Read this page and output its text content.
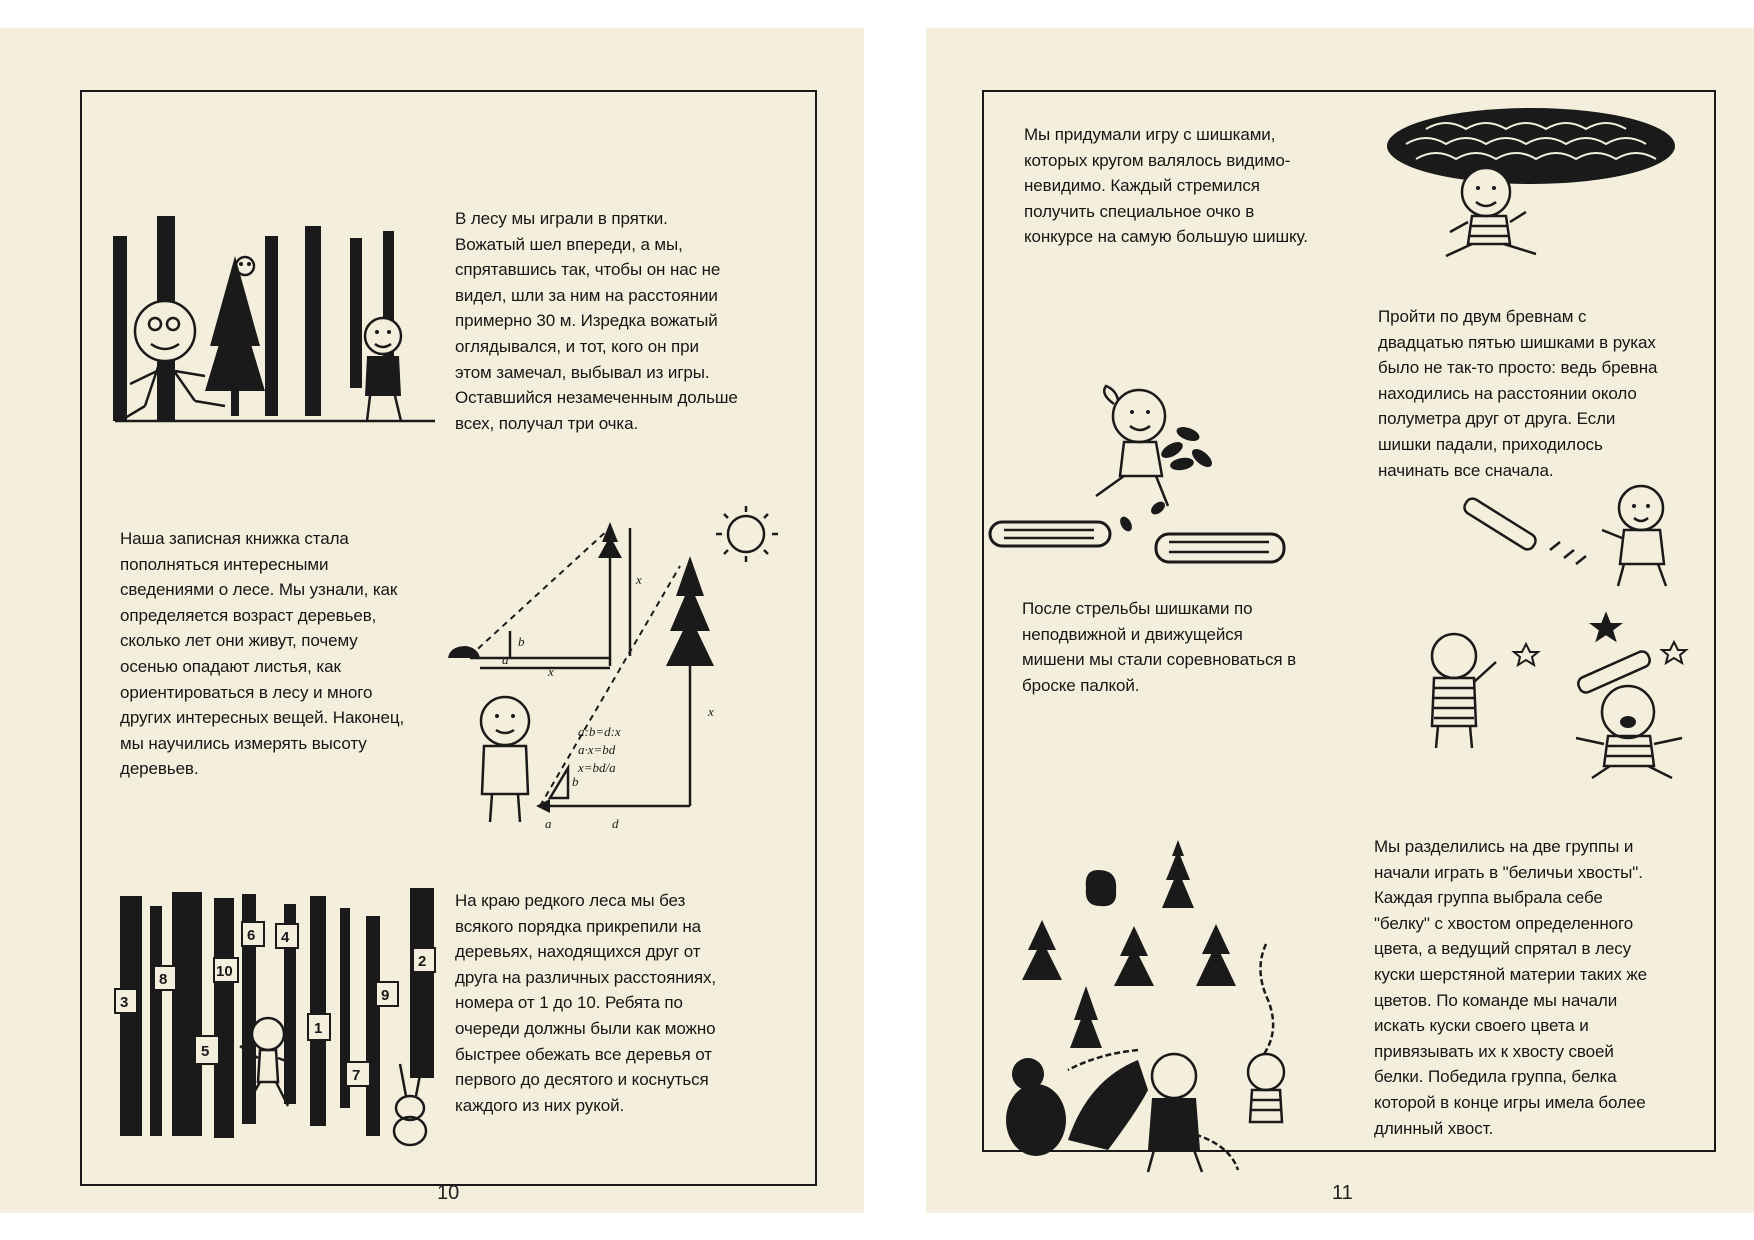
В лесу мы играли в прятки.
Вожатый шел впереди, а мы,
спрятавшись так, чтобы он нас не
видел, шли за ним на расстоянии
примерно 30 м. Изредка вожатый
оглядывался, и тот, кого он при
этом замечал, выбывал из игры.
Оставшийся незамеченным дольше
всех, получал три очка.

Наша записная книжка стала
пополняться интересными
сведениями о лесе. Мы узнали, как
определяется возраст деревьев,
сколько лет они живут, почему
осенью опадают листья, как
ориентироваться в лесу и много
других интересных вещей. Наконец,
мы научились измерять высоту
деревьев.

x
a
x
b
x
d
a:b=d:x
a·x=bd
x=bd/a
b
a
3
8	10
6 4
5
1
7
9
2
?

На краю редкого леса мы без
всякого порядка прикрепили на
деревьях, находящихся друг от
друга на различных расстояниях,
номера от 1 до 10. Ребята по
очереди должны были как можно
быстрее обежать все деревья от
первого до десятого и коснуться
каждого из них рукой.

10

Мы придумали игру с шишками,
которых кругом валялось видимо-
невидимо. Каждый стремился
получить специальное очко в
конкурсе на самую большую шишку.

Пройти по двум бревнам с
двадцатью пятью шишками в руках
было не так-то просто: ведь бревна
находились на расстоянии около
полуметра друг от друга. Если
шишки падали, приходилось
начинать все сначала.

После стрельбы шишками по
неподвижной и движущейся
мишени мы стали соревноваться в
броске палкой.

Мы разделились на две группы и
начали играть в "беличьи хвосты".
Каждая группа выбрала себе
"белку" с хвостом определенного
цвета, а ведущий спрятал в лесу
куски шерстяной материи таких же
цветов. По команде мы начали
искать куски своего цвета и
привязывать их к хвосту своей
белки. Победила группа, белка
которой в конце игры имела более
длинный хвост.

11
